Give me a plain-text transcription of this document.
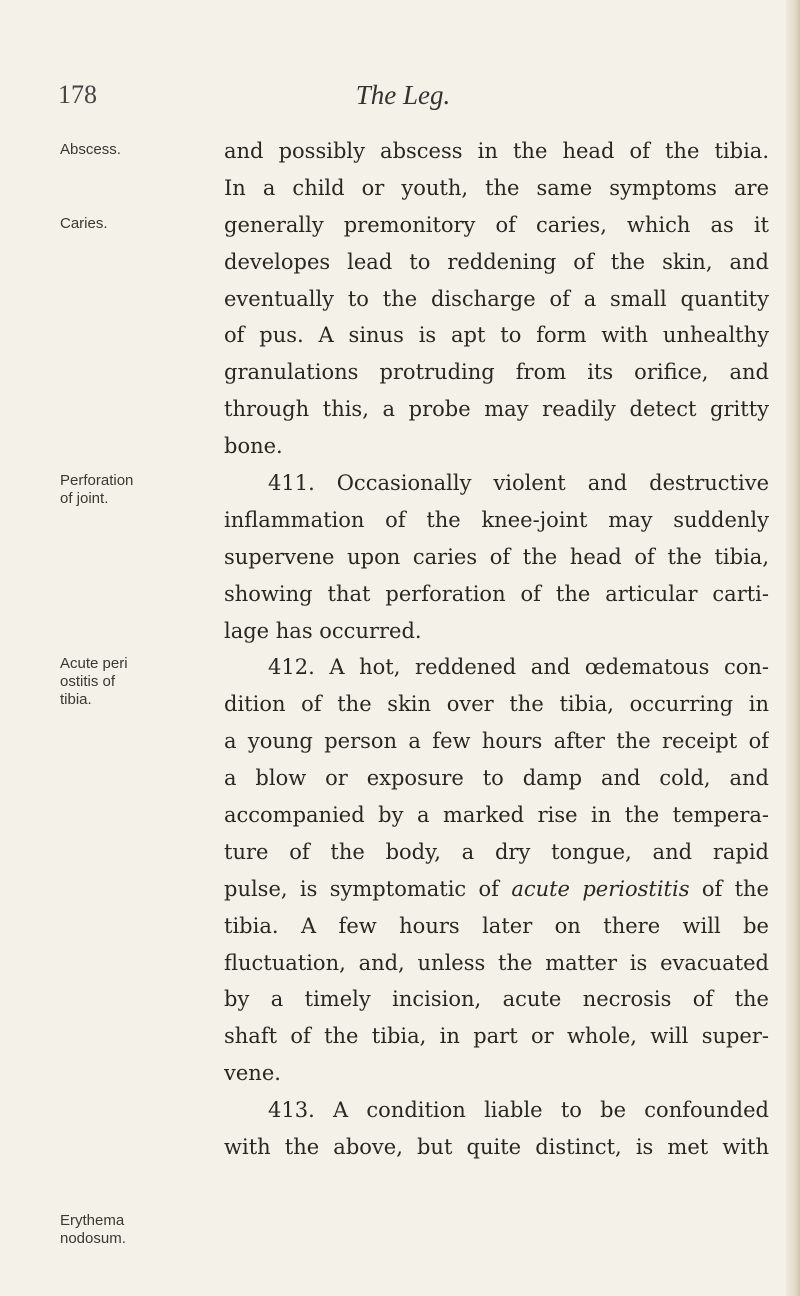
178	The Leg.
Abscess.
Caries.
Perforation
of joint.
Acute peri
ostitis of
tibia.
Erythema
nodosum.
and possibly abscess in the head of the tibia.
In a child or youth, the same symptoms are
generally premonitory of caries, which as it
developes lead to reddening of the skin, and
eventually to the discharge of a small quantity
of pus. A sinus is apt to form with unhealthy
granulations protruding from its orifice, and
through this, a probe may readily detect gritty
bone.
411. Occasionally violent and destructive
inflammation of the knee-joint may suddenly
supervene upon caries of the head of the tibia,
showing that perforation of the articular carti-
lage has occurred.
412. A hot, reddened and œdematous con-
dition of the skin over the tibia, occurring in
a young person a few hours after the receipt of
a blow or exposure to damp and cold, and
accompanied by a marked rise in the tempera-
ture of the body, a dry tongue, and rapid
pulse, is symptomatic of acute periostitis of the
tibia. A few hours later on there will be
fluctuation, and, unless the matter is evacuated
by a timely incision, acute necrosis of the
shaft of the tibia, in part or whole, will super-
vene.
413. A condition liable to be confounded
with the above, but quite distinct, is met with
